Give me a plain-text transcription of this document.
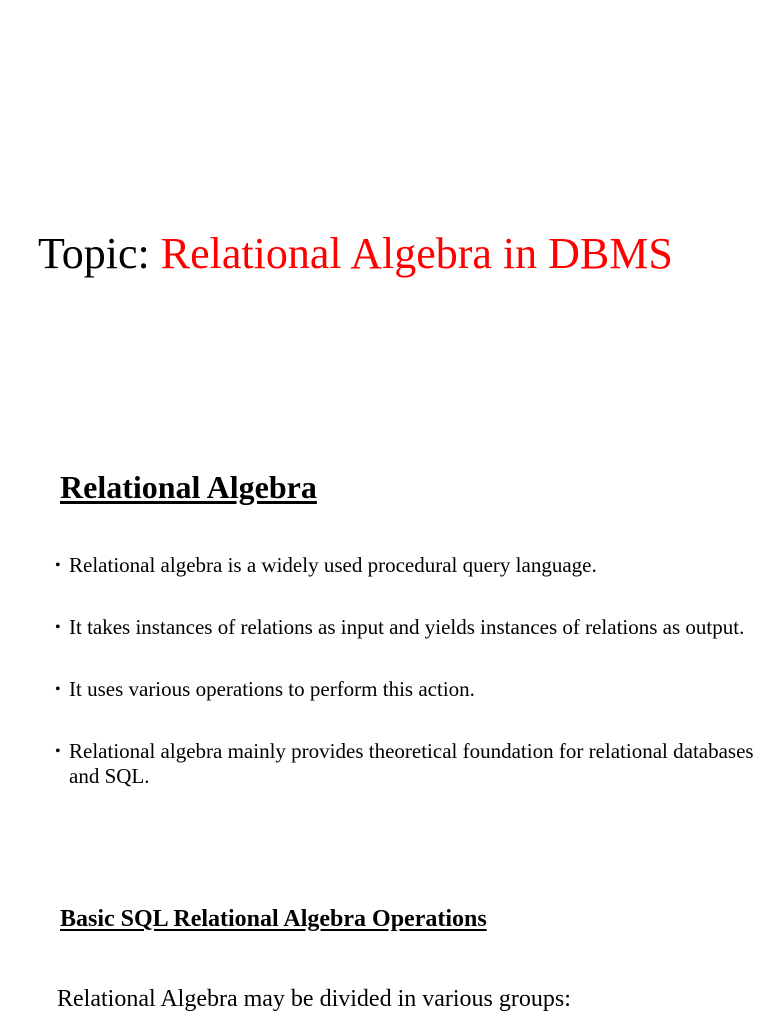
Topic: Relational Algebra in DBMS
Relational Algebra
• Relational algebra is a widely used procedural query language.
• It takes instances of relations as input and yields instances of relations as output.
• It uses various operations to perform this action.
• Relational algebra mainly provides theoretical foundation for relational databases and SQL.
Basic SQL Relational Algebra Operations
Relational Algebra may be divided in various groups:
